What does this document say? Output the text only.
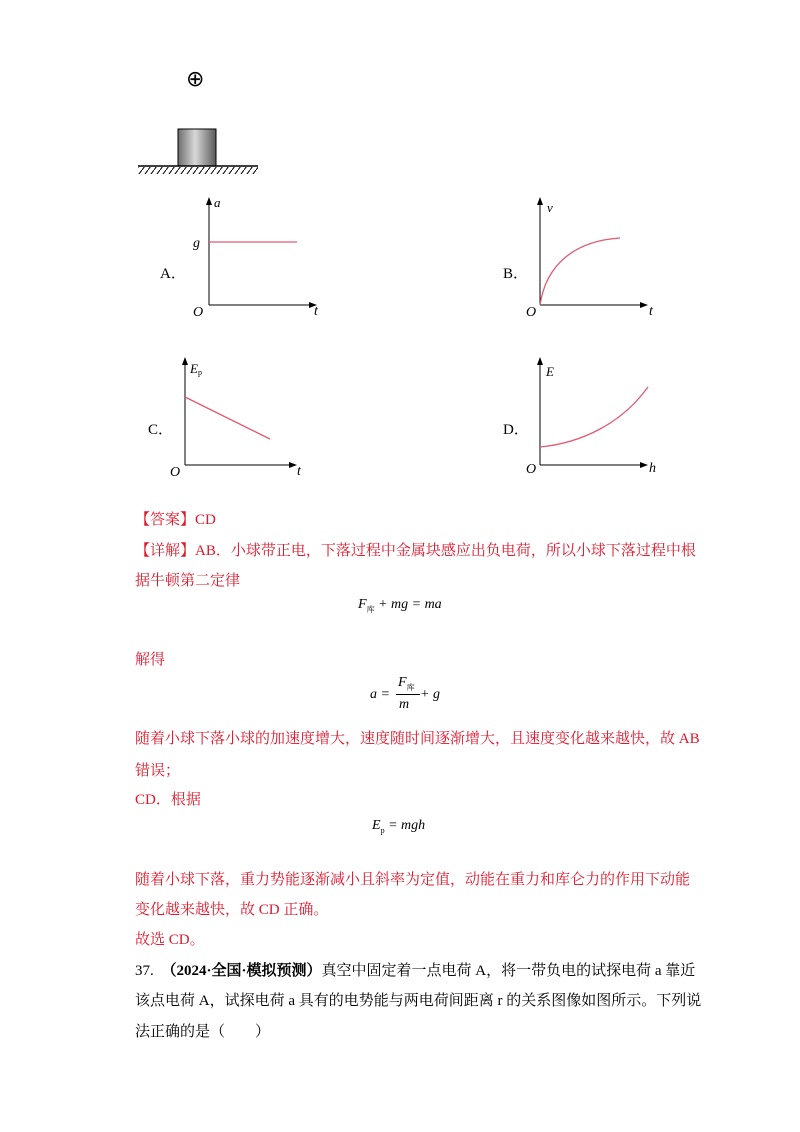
⊕
A．
a
g
O	t
B．
v
O	t
C．
Ep
O	t
D．
E
O	h
【答案】CD
【详解】AB．小球带正电，下落过程中金属块感应出负电荷，所以小球下落过程中根
据牛顿第二定律
$F_库$ + mg = ma
解得
a =
$F_库$
m
+ g
随着小球下落小球的加速度增大，速度随时间逐渐增大，且速度变化越来越快，故 AB
错误；
CD．根据
$E_p$ = mgh
随着小球下落，重力势能逐渐减小且斜率为定值，动能在重力和库仑力的作用下动能
变化越来越快，故 CD 正确。
故选 CD。
37. （2024·全国·模拟预测）真空中固定着一点电荷 A，将一带负电的试探电荷 a 靠近
该点电荷 A，试探电荷 a 具有的电势能与两电荷间距离 r 的关系图像如图所示。下列说
法正确的是（　　）
